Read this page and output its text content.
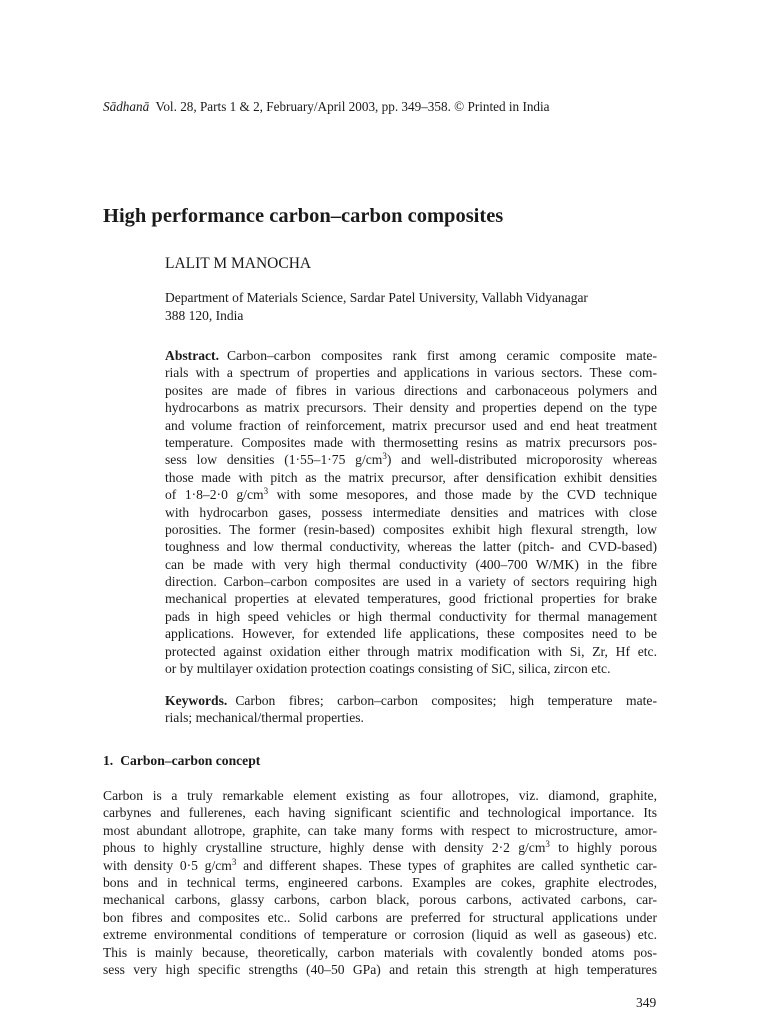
Sādhanā Vol. 28, Parts 1 & 2, February/April 2003, pp. 349–358. © Printed in India
High performance carbon–carbon composites
LALIT M MANOCHA
Department of Materials Science, Sardar Patel University, Vallabh Vidyanagar
388 120, India
Abstract. Carbon–carbon composites rank first among ceramic composite mate-
rials with a spectrum of properties and applications in various sectors. These com-
posites are made of fibres in various directions and carbonaceous polymers and
hydrocarbons as matrix precursors. Their density and properties depend on the type
and volume fraction of reinforcement, matrix precursor used and end heat treatment
temperature. Composites made with thermosetting resins as matrix precursors pos-
sess low densities (1·55–1·75 $g/cm^3$) and well-distributed microporosity whereas
those made with pitch as the matrix precursor, after densification exhibit densities
of 1·8–2·0 $g/cm^3$ with some mesopores, and those made by the CVD technique
with hydrocarbon gases, possess intermediate densities and matrices with close
porosities. The former (resin-based) composites exhibit high flexural strength, low
toughness and low thermal conductivity, whereas the latter (pitch- and CVD-based)
can be made with very high thermal conductivity (400–700 W/MK) in the fibre
direction. Carbon–carbon composites are used in a variety of sectors requiring high
mechanical properties at elevated temperatures, good frictional properties for brake
pads in high speed vehicles or high thermal conductivity for thermal management
applications. However, for extended life applications, these composites need to be
protected against oxidation either through matrix modification with Si, Zr, Hf etc.
or by multilayer oxidation protection coatings consisting of SiC, silica, zircon etc.
Keywords. Carbon fibres; carbon–carbon composites; high temperature mate-
rials; mechanical/thermal properties.
1. Carbon–carbon concept
Carbon is a truly remarkable element existing as four allotropes, viz. diamond, graphite,
carbynes and fullerenes, each having significant scientific and technological importance. Its
most abundant allotrope, graphite, can take many forms with respect to microstructure, amor-
phous to highly crystalline structure, highly dense with density 2·2 $g/cm^3$ to highly porous
with density 0·5 $g/cm^3$ and different shapes. These types of graphites are called synthetic car-
bons and in technical terms, engineered carbons. Examples are cokes, graphite electrodes,
mechanical carbons, glassy carbons, carbon black, porous carbons, activated carbons, car-
bon fibres and composites etc.. Solid carbons are preferred for structural applications under
extreme environmental conditions of temperature or corrosion (liquid as well as gaseous) etc.
This is mainly because, theoretically, carbon materials with covalently bonded atoms pos-
sess very high specific strengths (40–50 GPa) and retain this strength at high temperatures
349
